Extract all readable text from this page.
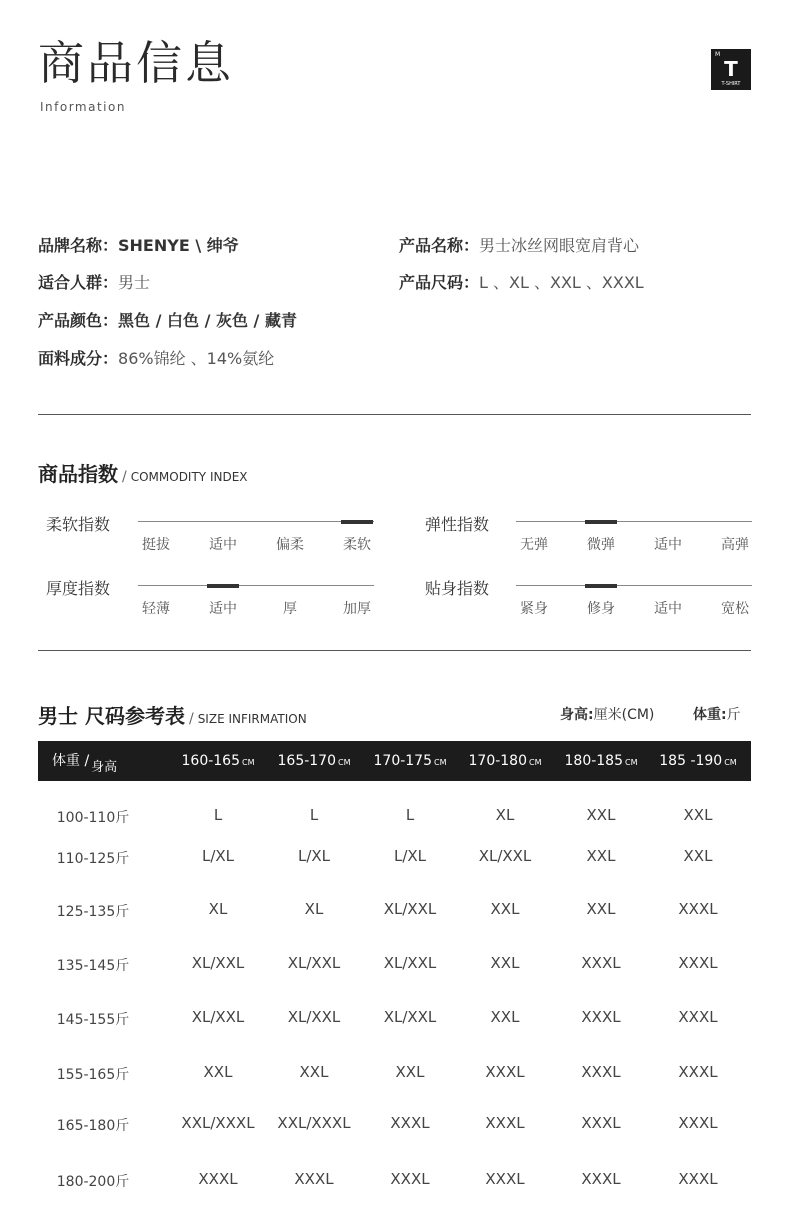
商品信息
Information
M
T
T-SHIRT
品牌名称：SHENYE \ 绅爷	产品名称：男士冰丝网眼宽肩背心
适合人群：男士	产品尺码：L 、XL 、XXL 、XXXL
产品颜色：黑色 / 白色 / 灰色 / 藏青
面料成分：86%锦纶 、14%氨纶
商品指数 / COMMODITY INDEX
柔软指数
挺拔	适中	偏柔	柔软
弹性指数
无弹	微弹	适中	高弹
厚度指数
轻薄	适中	厚	加厚
贴身指数
紧身	修身	适中	宽松
男士 尺码参考表 / SIZE INFIRMATION	身高:厘米(CM)	体重:斤
体重 / 身高	160-165 CM	165-170 CM	170-175 CM	170-180 CM	180-185 CM	185 -190 CM
100-110斤	L	L	L	XL	XXL	XXL
110-125斤	L/XL	L/XL	L/XL	XL/XXL	XXL	XXL
125-135斤	XL	XL	XL/XXL	XXL	XXL	XXXL
135-145斤	XL/XXL	XL/XXL	XL/XXL	XXL	XXXL	XXXL
145-155斤	XL/XXL	XL/XXL	XL/XXL	XXL	XXXL	XXXL
155-165斤	XXL	XXL	XXL	XXXL	XXXL	XXXL
165-180斤	XXL/XXXL	XXL/XXXL	XXXL	XXXL	XXXL	XXXL
180-200斤	XXXL	XXXL	XXXL	XXXL	XXXL	XXXL
